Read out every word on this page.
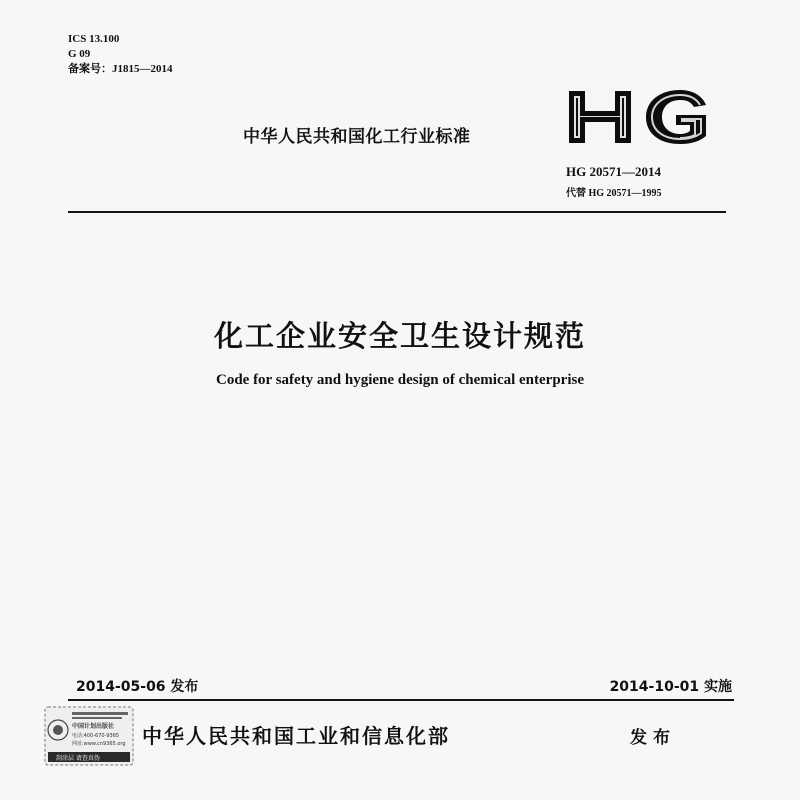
ICS 13.100
G 09
备案号：J1815—2014
中华人民共和国化工行业标准
HG 20571—2014
代替 HG 20571—1995
化工企业安全卫生设计规范
Code for safety and hygiene design of chemical enterprise
2014-05-06 发布	2014-10-01 实施
中国计划出版社
电话:400-670-9365
网址:www.cn9365.org
刮涂层 请查真伪
中华人民共和国工业和信息化部	发布
